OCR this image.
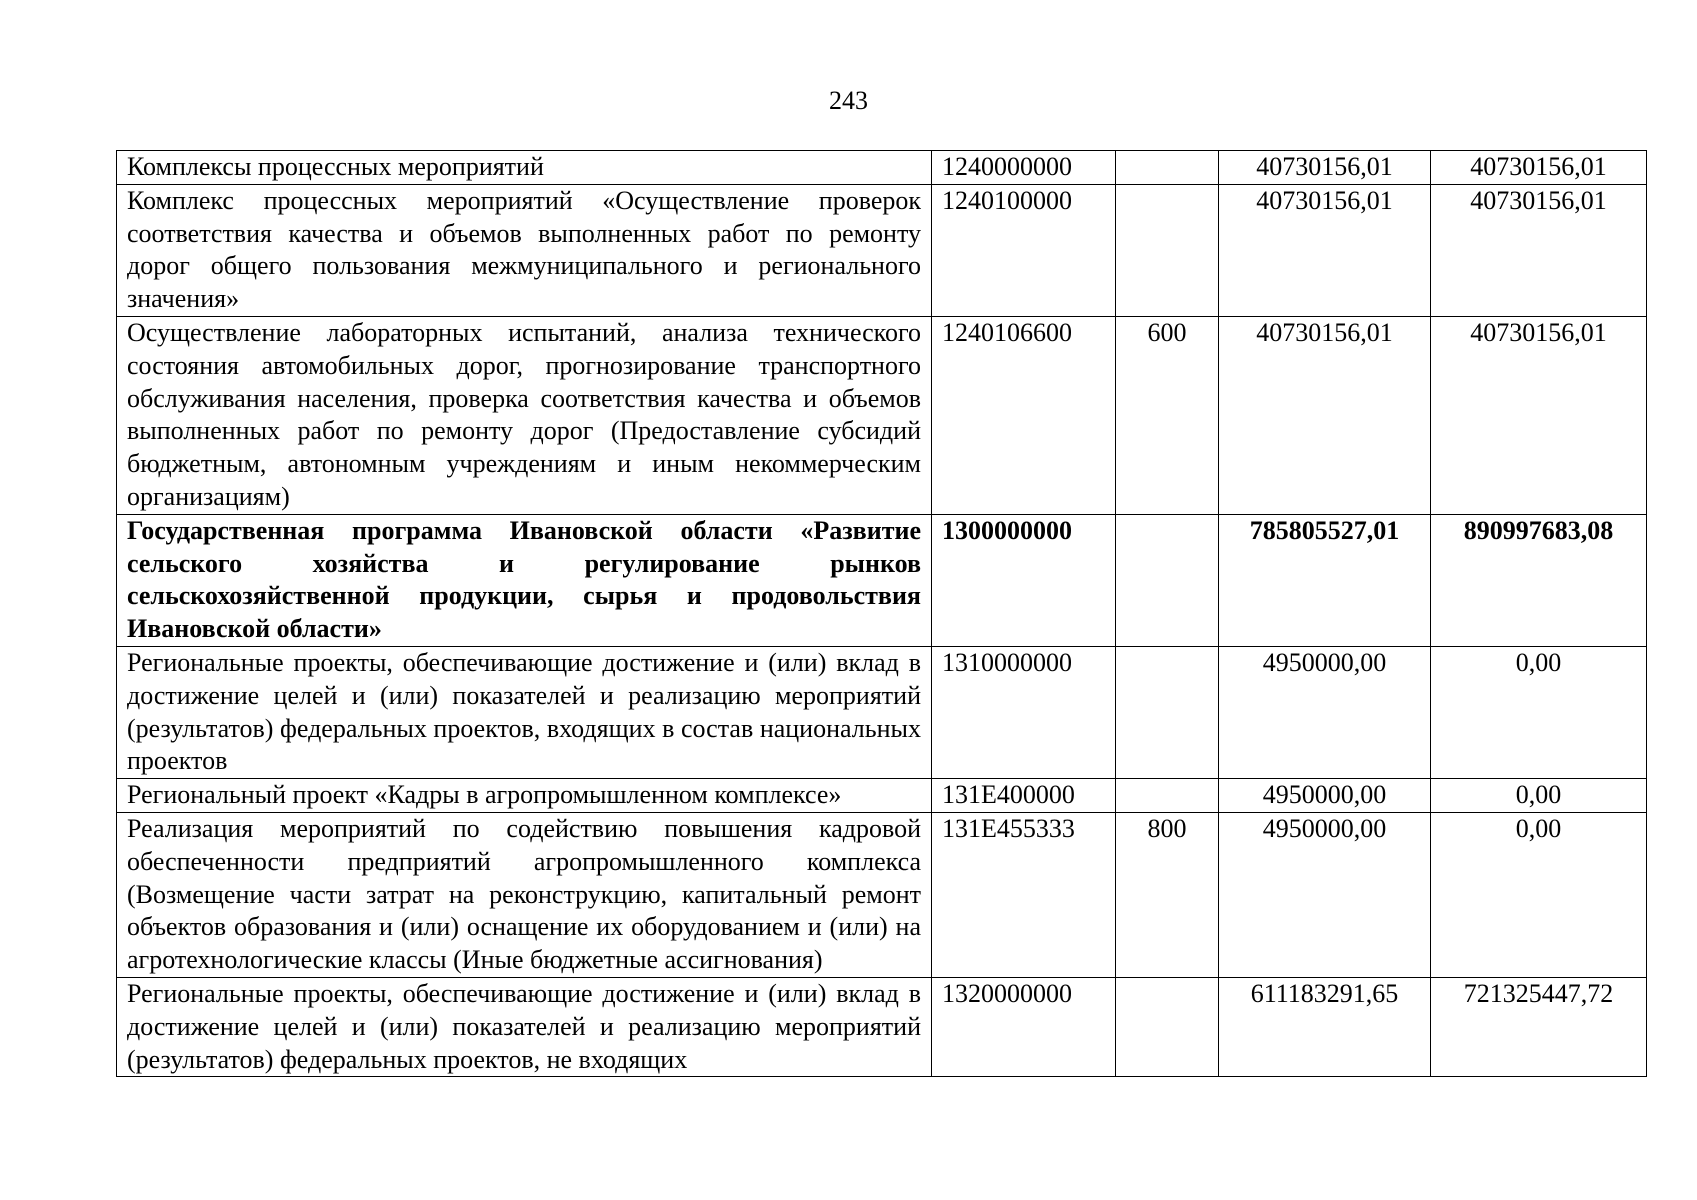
243
Комплексы процессных мероприятий	1240000000		40730156,01	40730156,01
Комплекс процессных мероприятий «Осуществление проверок соответствия качества и объемов выполненных работ по ремонту дорог общего пользования межмуниципального и регионального значения»	1240100000		40730156,01	40730156,01
Осуществление лабораторных испытаний, анализа технического состояния автомобильных дорог, прогнозирование транспортного обслуживания населения, проверка соответствия качества и объемов выполненных работ по ремонту дорог (Предоставление субсидий бюджетным, автономным учреждениям и иным некоммерческим организациям)	1240106600	600	40730156,01	40730156,01
Государственная программа Ивановской области «Развитие сельского хозяйства и регулирование рынков сельскохозяйственной продукции, сырья и продовольствия Ивановской области»	1300000000		785805527,01	890997683,08
Региональные проекты, обеспечивающие достижение и (или) вклад в достижение целей и (или) показателей и реализацию мероприятий (результатов) федеральных проектов, входящих в состав национальных проектов	1310000000		4950000,00	0,00
Региональный проект «Кадры в агропромышленном комплексе»	131E400000		4950000,00	0,00
Реализация мероприятий по содействию повышения кадровой обеспеченности предприятий агропромышленного комплекса (Возмещение части затрат на реконструкцию, капитальный ремонт объектов образования и (или) оснащение их оборудованием и (или) на агротехнологические классы (Иные бюджетные ассигнования)	131E455333	800	4950000,00	0,00
Региональные проекты, обеспечивающие достижение и (или) вклад в достижение целей и (или) показателей и реализацию мероприятий (результатов) федеральных проектов, не входящих	1320000000		611183291,65	721325447,72
